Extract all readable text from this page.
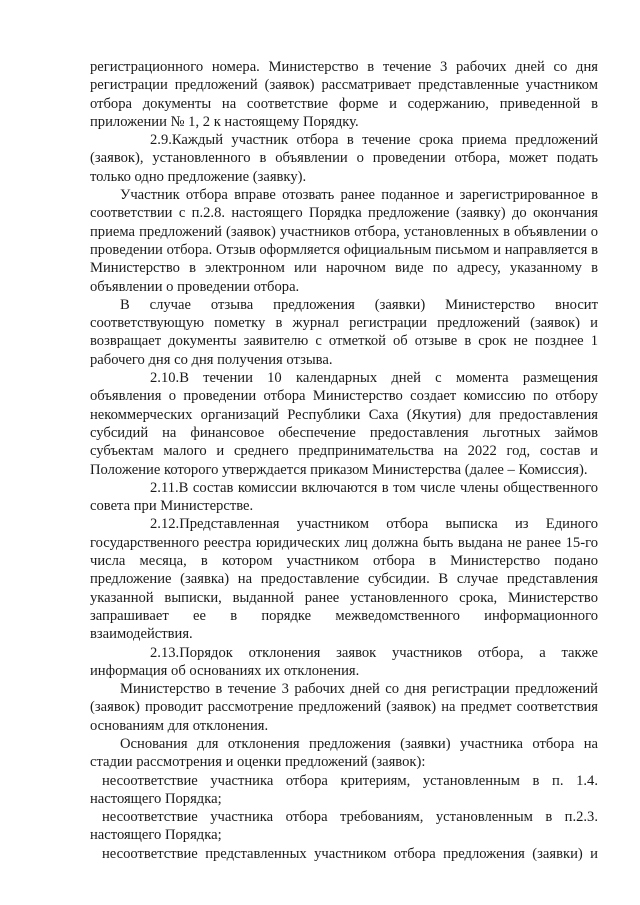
регистрационного номера. Министерство в течение 3 рабочих дней со дня регистрации предложений (заявок) рассматривает представленные участником отбора документы на соответствие форме и содержанию, приведенной в приложении № 1, 2 к настоящему Порядку.

2.9.Каждый участник отбора в течение срока приема предложений (заявок), установленного в объявлении о проведении отбора, может подать только одно предложение (заявку).

Участник отбора вправе отозвать ранее поданное и зарегистрированное в соответствии с п.2.8. настоящего Порядка предложение (заявку) до окончания приема предложений (заявок) участников отбора, установленных в объявлении о проведении отбора. Отзыв оформляется официальным письмом и направляется в Министерство в электронном или нарочном виде по адресу, указанному в объявлении о проведении отбора.

В случае отзыва предложения (заявки) Министерство вносит соответствующую пометку в журнал регистрации предложений (заявок) и возвращает документы заявителю с отметкой об отзыве в срок не позднее 1 рабочего дня со дня получения отзыва.

2.10.В течении 10 календарных дней с момента размещения объявления о проведении отбора Министерство создает комиссию по отбору некоммерческих организаций Республики Саха (Якутия) для предоставления субсидий на финансовое обеспечение предоставления льготных займов субъектам малого и среднего предпринимательства на 2022 год, состав и Положение которого утверждается приказом Министерства (далее – Комиссия).

2.11.В состав комиссии включаются в том числе члены общественного совета при Министерстве.

2.12.Представленная участником отбора выписка из Единого государственного реестра юридических лиц должна быть выдана не ранее 15-го числа месяца, в котором участником отбора в Министерство подано предложение (заявка) на предоставление субсидии. В случае представления указанной выписки, выданной ранее установленного срока, Министерство запрашивает ее в порядке межведомственного информационного взаимодействия.

2.13.Порядок отклонения заявок участников отбора, а также информация об основаниях их отклонения.

Министерство в течение 3 рабочих дней со дня регистрации предложений (заявок) проводит рассмотрение предложений (заявок) на предмет соответствия основаниям для отклонения.

Основания для отклонения предложения (заявки) участника отбора на стадии рассмотрения и оценки предложений (заявок):

несоответствие участника отбора критериям, установленным в п. 1.4. настоящего Порядка;

несоответствие участника отбора требованиям, установленным в п.2.3. настоящего Порядка;

несоответствие представленных участником отбора предложения (заявки) и
